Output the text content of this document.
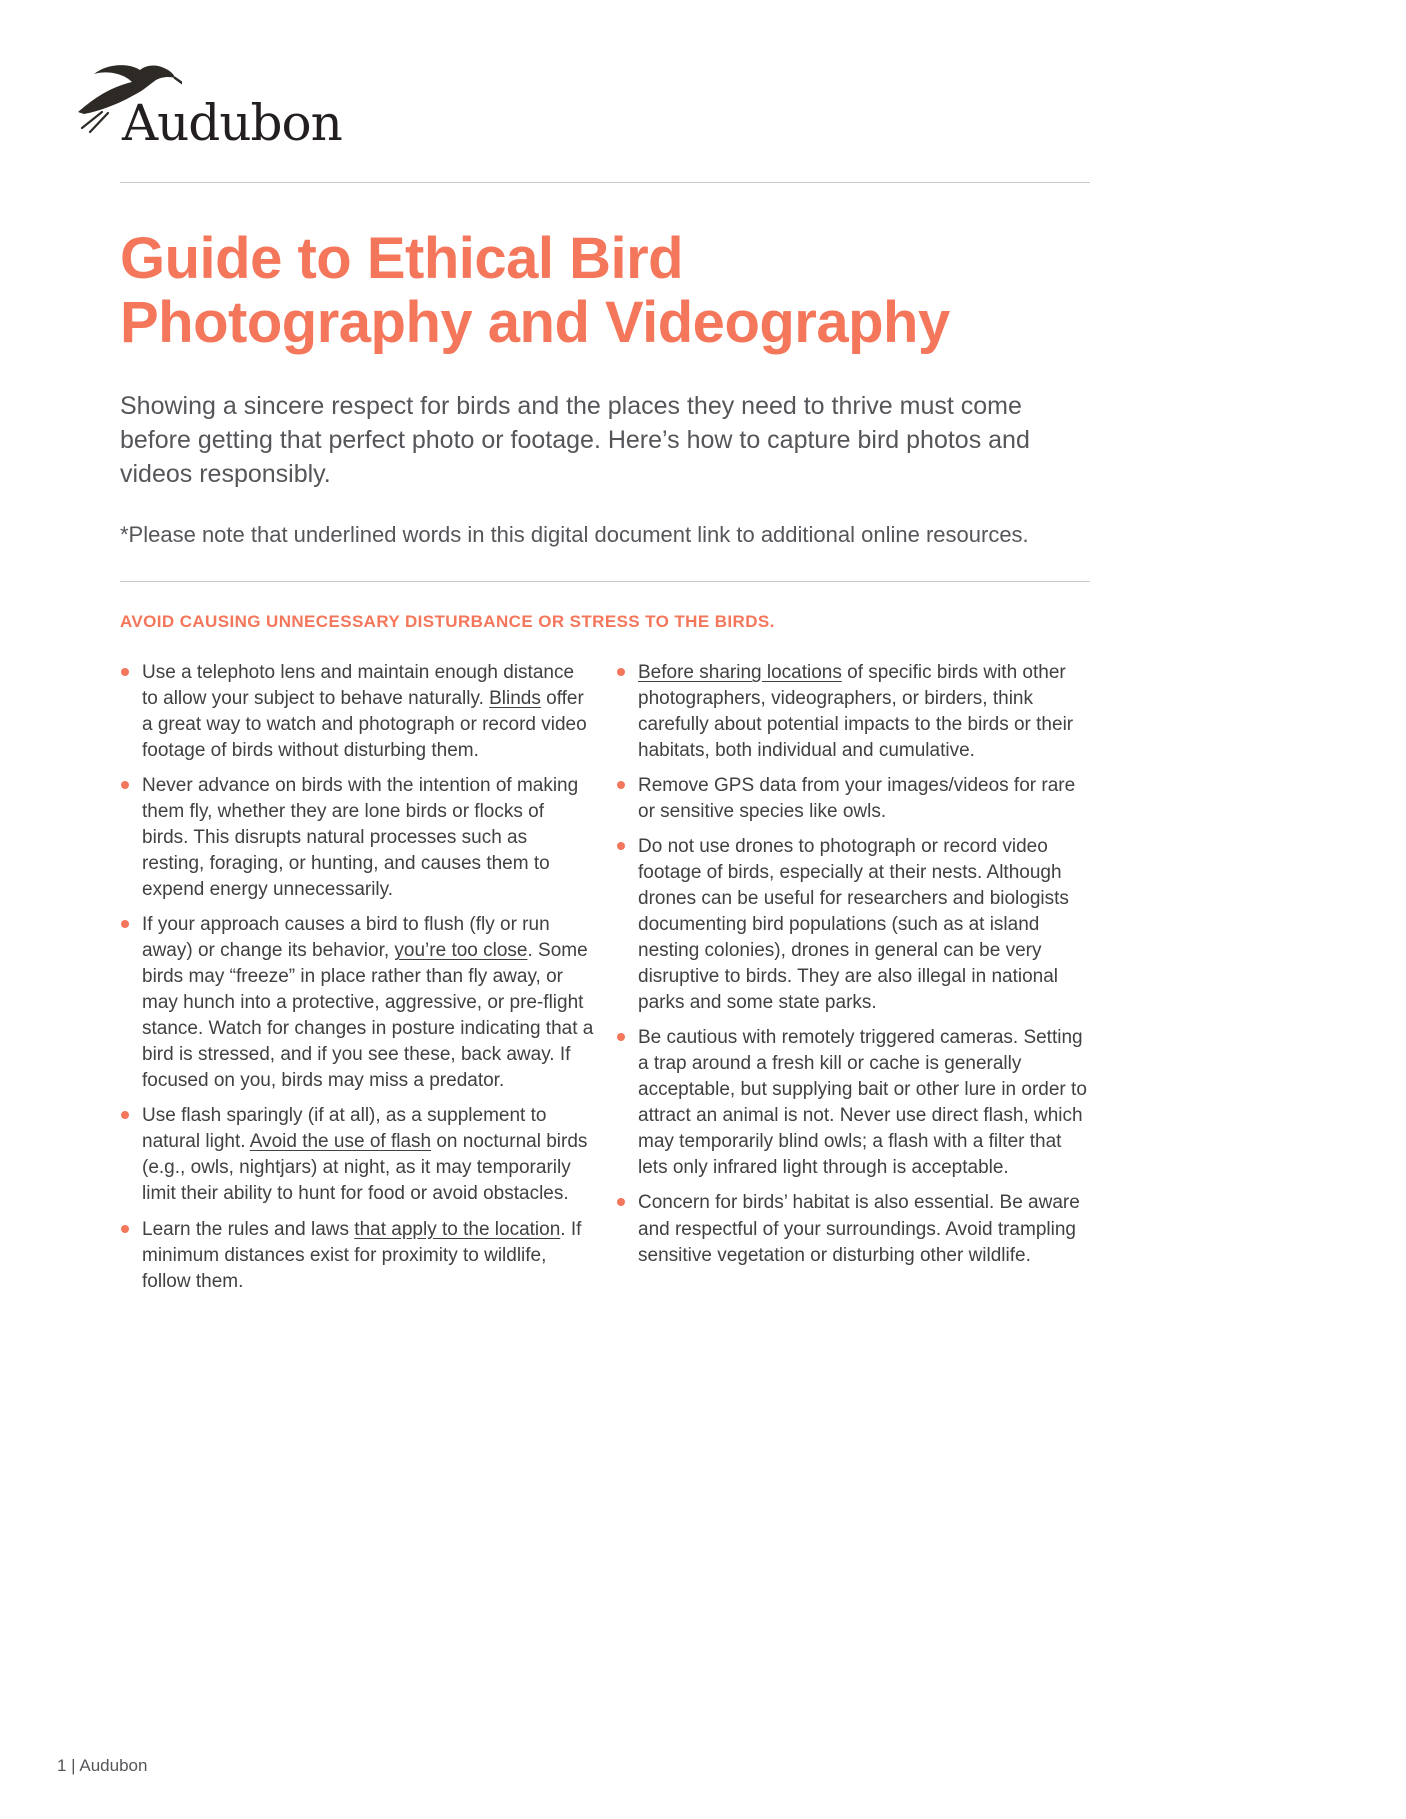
Audubon
Guide to Ethical Bird
Photography and Videography

Showing a sincere respect for birds and the places they need to thrive must come before getting that perfect photo or footage. Here’s how to capture bird photos and videos responsibly.

*Please note that underlined words in this digital document link to additional online resources.

AVOID CAUSING UNNECESSARY DISTURBANCE OR STRESS TO THE BIRDS.
Use a telephoto lens and maintain enough distance to allow your subject to behave naturally. Blinds offer a great way to watch and photograph or record video footage of birds without disturbing them.
Never advance on birds with the intention of making them fly, whether they are lone birds or flocks of birds. This disrupts natural processes such as resting, foraging, or hunting, and causes them to expend energy unnecessarily.
If your approach causes a bird to flush (fly or run away) or change its behavior, you’re too close. Some birds may “freeze” in place rather than fly away, or may hunch into a protective, aggressive, or pre-flight stance. Watch for changes in posture indicating that a bird is stressed, and if you see these, back away. If focused on you, birds may miss a predator.
Use flash sparingly (if at all), as a supplement to natural light. Avoid the use of flash on nocturnal birds (e.g., owls, nightjars) at night, as it may temporarily limit their ability to hunt for food or avoid obstacles.
Learn the rules and laws that apply to the location. If minimum distances exist for proximity to wildlife, follow them.
Before sharing locations of specific birds with other photographers, videographers, or birders, think carefully about potential impacts to the birds or their habitats, both individual and cumulative.
Remove GPS data from your images/videos for rare or sensitive species like owls.
Do not use drones to photograph or record video footage of birds, especially at their nests. Although drones can be useful for researchers and biologists documenting bird populations (such as at island nesting colonies), drones in general can be very disruptive to birds. They are also illegal in national parks and some state parks.
Be cautious with remotely triggered cameras. Setting a trap around a fresh kill or cache is generally acceptable, but supplying bait or other lure in order to attract an animal is not. Never use direct flash, which may temporarily blind owls; a flash with a filter that lets only infrared light through is acceptable.
Concern for birds’ habitat is also essential. Be aware and respectful of your surroundings. Avoid trampling sensitive vegetation or disturbing other wildlife.
1 | Audubon
